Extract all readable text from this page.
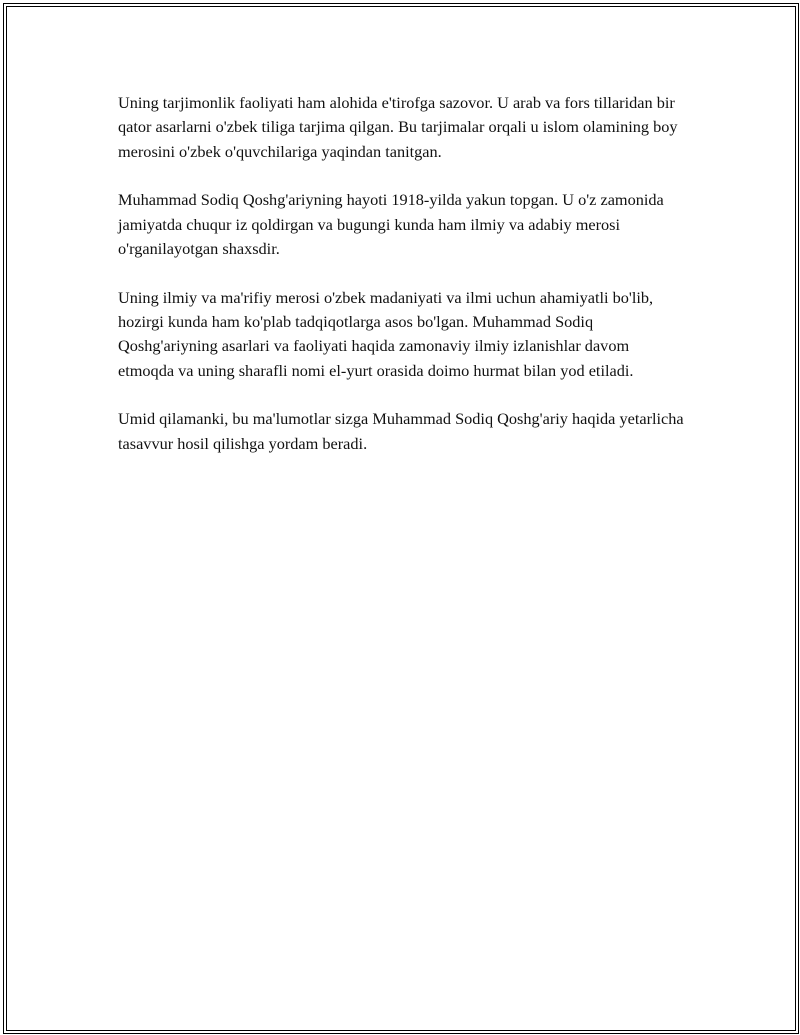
Uning tarjimonlik faoliyati ham alohida e'tirofga sazovor. U arab va fors tillaridan bir qator asarlarni o'zbek tiliga tarjima qilgan. Bu tarjimalar orqali u islom olamining boy merosini o'zbek o'quvchilariga yaqindan tanitgan.

Muhammad Sodiq Qoshg'ariyning hayoti 1918-yilda yakun topgan. U o'z zamonida jamiyatda chuqur iz qoldirgan va bugungi kunda ham ilmiy va adabiy merosi o'rganilayotgan shaxsdir.

Uning ilmiy va ma'rifiy merosi o'zbek madaniyati va ilmi uchun ahamiyatli bo'lib, hozirgi kunda ham ko'plab tadqiqotlarga asos bo'lgan. Muhammad Sodiq Qoshg'ariyning asarlari va faoliyati haqida zamonaviy ilmiy izlanishlar davom etmoqda va uning sharafli nomi el-yurt orasida doimo hurmat bilan yod etiladi.

Umid qilamanki, bu ma'lumotlar sizga Muhammad Sodiq Qoshg'ariy haqida yetarlicha tasavvur hosil qilishga yordam beradi.
